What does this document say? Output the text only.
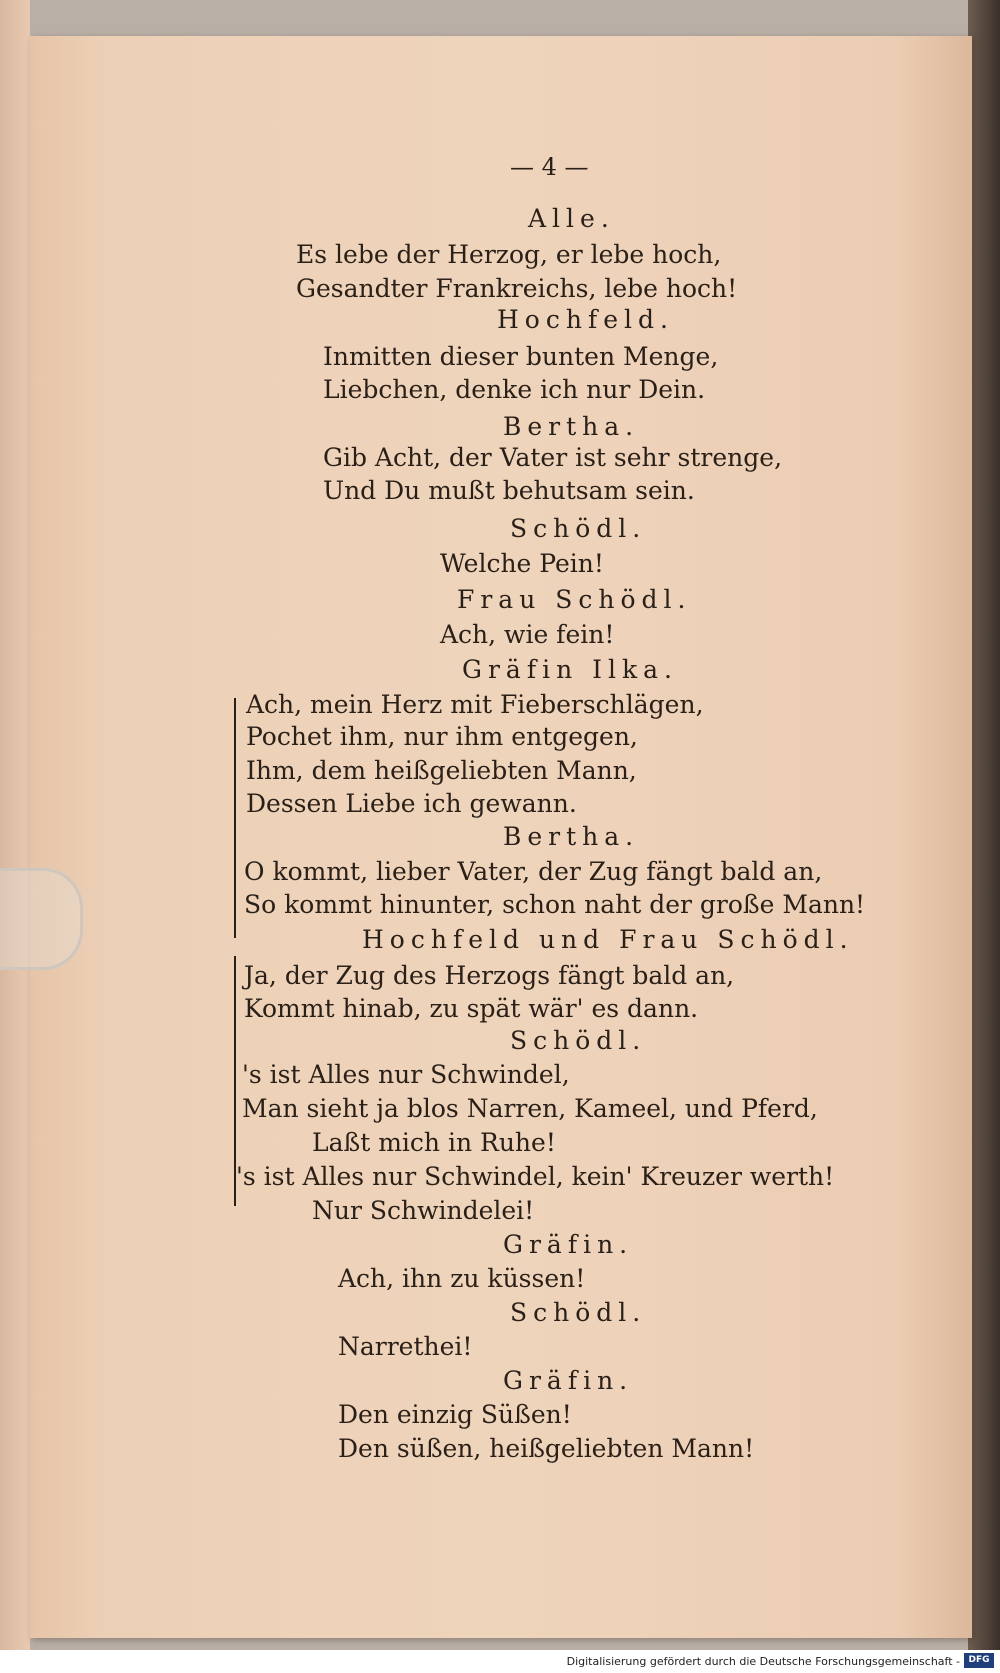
— 4 —
Alle.
Es lebe der Herzog, er lebe hoch,
Gesandter Frankreichs, lebe hoch!
Hochfeld.
Inmitten dieser bunten Menge,
Liebchen, denke ich nur Dein.
Bertha.
Gib Acht, der Vater ist sehr strenge,
Und Du mußt behutsam sein.
Schödl.
Welche Pein!
Frau Schödl.
Ach, wie fein!
Gräfin Ilka.
Ach, mein Herz mit Fieberschlägen,
Pochet ihm, nur ihm entgegen,
Ihm, dem heißgeliebten Mann,
Dessen Liebe ich gewann.
Bertha.
O kommt, lieber Vater, der Zug fängt bald an,
So kommt hinunter, schon naht der große Mann!
Hochfeld und Frau Schödl.
Ja, der Zug des Herzogs fängt bald an,
Kommt hinab, zu spät wär' es dann.
Schödl.
's ist Alles nur Schwindel,
Man sieht ja blos Narren, Kameel, und Pferd,
Laßt mich in Ruhe!
's ist Alles nur Schwindel, kein' Kreuzer werth!
Nur Schwindelei!
Gräfin.
Ach, ihn zu küssen!
Schödl.
Narrethei!
Gräfin.
Den einzig Süßen!
Den süßen, heißgeliebten Mann!
Digitalisierung gefördert durch die Deutsche Forschungsgemeinschaft - DFG
